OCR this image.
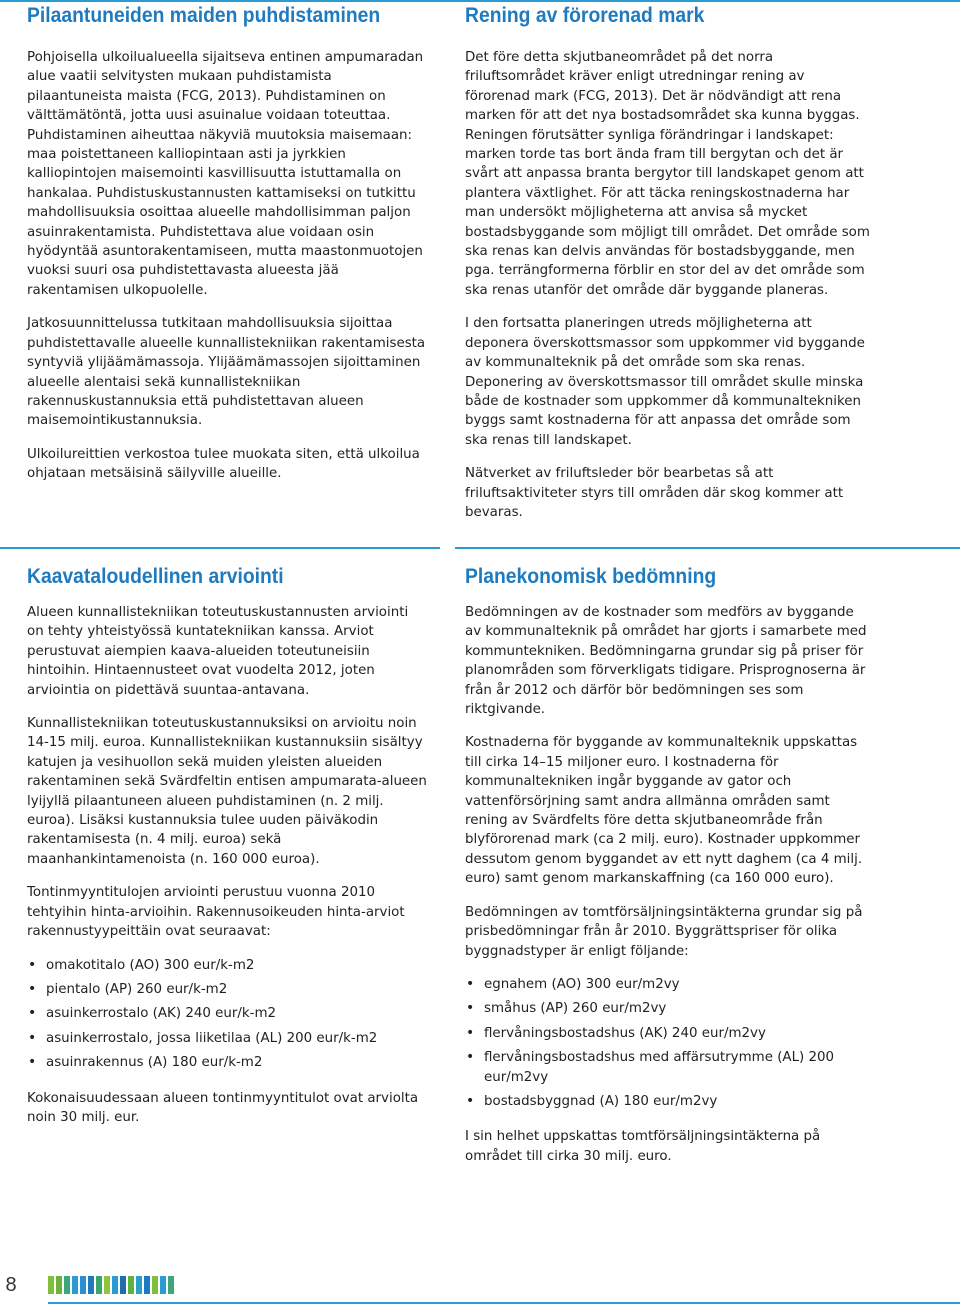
Pilaantuneiden maiden puhdistaminen

Pohjoisella ulkoilualueella sijaitseva entinen ampumaradan alue vaatii selvitysten mukaan puhdistamista pilaantuneista maista (FCG, 2013). Puhdistaminen on välttämätöntä, jotta uusi asuinalue voidaan toteuttaa. Puhdistaminen aiheuttaa näkyviä muutoksia maisemaan: maa poistettaneen kalliopintaan asti ja jyrkkien kalliopintojen maisemointi kasvillisuutta istuttamalla on hankalaa. Puhdistuskustannusten kattamiseksi on tutkittu mahdollisuuksia osoittaa alueelle mahdollisimman paljon asuinrakentamista. Puhdistettava alue voidaan osin hyödyntää asuntorakentamiseen, mutta maastonmuotojen vuoksi suuri osa puhdistettavasta alueesta jää rakentamisen ulkopuolelle.

Jatkosuunnittelussa tutkitaan mahdollisuuksia sijoittaa puhdistettavalle alueelle kunnallistekniikan rakentamisesta syntyviä ylijäämämassoja. Ylijäämämassojen sijoittaminen alueelle alentaisi sekä kunnallistekniikan rakennuskustannuksia että puhdistettavan alueen maisemointikustannuksia.

Ulkoilureittien verkostoa tulee muokata siten, että ulkoilua ohjataan metsäisinä säilyville alueille.

Rening av förorenad mark

Det före detta skjutbaneområdet på det norra friluftsområdet kräver enligt utredningar rening av förorenad mark (FCG, 2013). Det är nödvändigt att rena marken för att det nya bostadsområdet ska kunna byggas. Reningen förutsätter synliga förändringar i landskapet: marken torde tas bort ända fram till bergytan och det är svårt att anpassa branta bergytor till landskapet genom att plantera växtlighet. För att täcka reningskostnaderna har man undersökt möjligheterna att anvisa så mycket bostadsbyggande som möjligt till området. Det område som ska renas kan delvis användas för bostadsbyggande, men pga. terrängformerna förblir en stor del av det område som ska renas utanför det område där byggande planeras.

I den fortsatta planeringen utreds möjligheterna att deponera överskottsmassor som uppkommer vid byggande av kommunalteknik på det område som ska renas. Deponering av överskottsmassor till området skulle minska både de kostnader som uppkommer då kommunaltekniken byggs samt kostnaderna för att anpassa det område som ska renas till landskapet.

Nätverket av friluftsleder bör bearbetas så att friluftsaktiviteter styrs till områden där skog kommer att bevaras.

Kaavataloudellinen arviointi

Alueen kunnallistekniikan toteutuskustannusten arviointi on tehty yhteistyössä kuntatekniikan kanssa. Arviot perustuvat aiempien kaava-alueiden toteutuneisiin hintoihin. Hintaennusteet ovat vuodelta 2012, joten arviointia on pidettävä suuntaa-antavana.

Kunnallistekniikan toteutuskustannuksiksi on arvioitu noin 14-15 milj. euroa. Kunnallistekniikan kustannuksiin sisältyy katujen ja vesihuollon sekä muiden yleisten alueiden rakentaminen sekä Svärdfeltin entisen ampumarata-alueen lyijyllä pilaantuneen alueen puhdistaminen (n. 2 milj. euroa). Lisäksi kustannuksia tulee uuden päiväkodin rakentamisesta (n. 4 milj. euroa) sekä maanhankintamenoista (n. 160 000 euroa).

Tontinmyyntitulojen arviointi perustuu vuonna 2010 tehtyihin hinta-arvioihin. Rakennusoikeuden hinta-arviot rakennustyypeittäin ovat seuraavat:

• omakotitalo (AO) 300 eur/k-m2
• pientalo (AP) 260 eur/k-m2
• asuinkerrostalo (AK) 240 eur/k-m2
• asuinkerrostalo, jossa liiketilaa (AL) 200 eur/k-m2
• asuinrakennus (A) 180 eur/k-m2

Kokonaisuudessaan alueen tontinmyyntitulot ovat arviolta noin 30 milj. eur.

Planekonomisk bedömning

Bedömningen av de kostnader som medförs av byggande av kommunalteknik på området har gjorts i samarbete med kommuntekniken. Bedömningarna grundar sig på priser för planområden som förverkligats tidigare. Prisprognoserna är från år 2012 och därför bör bedömningen ses som riktgivande.

Kostnaderna för byggande av kommunalteknik uppskattas till cirka 14–15 miljoner euro. I kostnaderna för kommunaltekniken ingår byggande av gator och vattenförsörjning samt andra allmänna områden samt rening av Svärdfelts före detta skjutbaneområde från blyförorenad mark (ca 2 milj. euro). Kostnader uppkommer dessutom genom byggandet av ett nytt daghem (ca 4 milj. euro) samt genom markanskaffning (ca 160 000 euro).

Bedömningen av tomtförsäljningsintäkterna grundar sig på prisbedömningar från år 2010. Byggrättspriser för olika byggnadstyper är enligt följande:

• egnahem (AO) 300 eur/m2vy
• småhus (AP) 260 eur/m2vy
• flervåningsbostadshus (AK) 240 eur/m2vy
• flervåningsbostadshus med affärsutrymme (AL) 200 eur/m2vy
• bostadsbyggnad (A) 180 eur/m2vy

I sin helhet uppskattas tomtförsäljningsintäkterna på området till cirka 30 milj. euro.

8
